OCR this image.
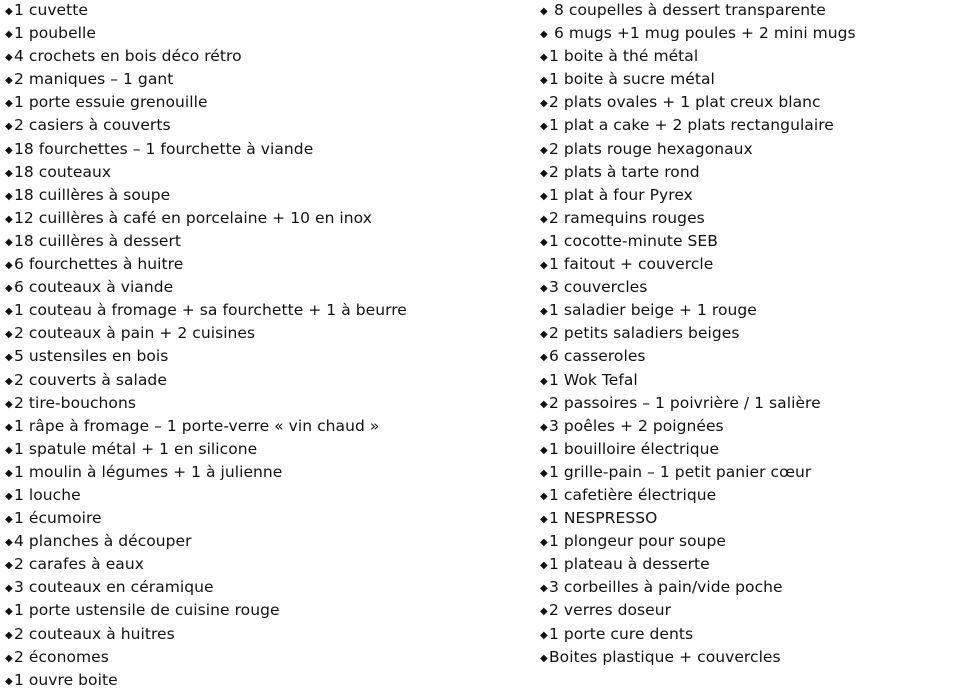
◆1 cuvette
◆1 poubelle
◆4 crochets en bois déco rétro
◆2 maniques – 1 gant
◆1 porte essuie grenouille
◆2 casiers à couverts
◆18 fourchettes – 1 fourchette à viande
◆18 couteaux
◆18 cuillères à soupe
◆12 cuillères à café en porcelaine + 10 en inox
◆18 cuillères à dessert
◆6 fourchettes à huitre
◆6 couteaux à viande
◆1 couteau à fromage + sa fourchette + 1 à beurre
◆2 couteaux à pain + 2 cuisines
◆5 ustensiles en bois
◆2 couverts à salade
◆2 tire-bouchons
◆1 râpe à fromage – 1 porte-verre « vin chaud »
◆1 spatule métal + 1 en silicone
◆1 moulin à légumes + 1 à julienne
◆1 louche
◆1 écumoire
◆4 planches à découper
◆2 carafes à eaux
◆3 couteaux en céramique
◆1 porte ustensile de cuisine rouge
◆2 couteaux à huitres
◆2 économes
◆1 ouvre boite
◆ 8 coupelles à dessert transparente
◆ 6 mugs +1 mug poules + 2 mini mugs
◆1 boite à thé métal
◆1 boite à sucre métal
◆2 plats ovales + 1 plat creux blanc
◆1 plat a cake + 2 plats rectangulaire
◆2 plats rouge hexagonaux
◆2 plats à tarte rond
◆1 plat à four Pyrex
◆2 ramequins rouges
◆1 cocotte-minute SEB
◆1 faitout + couvercle
◆3 couvercles
◆1 saladier beige + 1 rouge
◆2 petits saladiers beiges
◆6 casseroles
◆1 Wok Tefal
◆2 passoires – 1 poivrière / 1 salière
◆3 poêles + 2 poignées
◆1 bouilloire électrique
◆1 grille-pain – 1 petit panier cœur
◆1 cafetière électrique
◆1 NESPRESSO
◆1 plongeur pour soupe
◆1 plateau à desserte
◆3 corbeilles à pain/vide poche
◆2 verres doseur
◆1 porte cure dents
◆Boites plastique + couvercles
